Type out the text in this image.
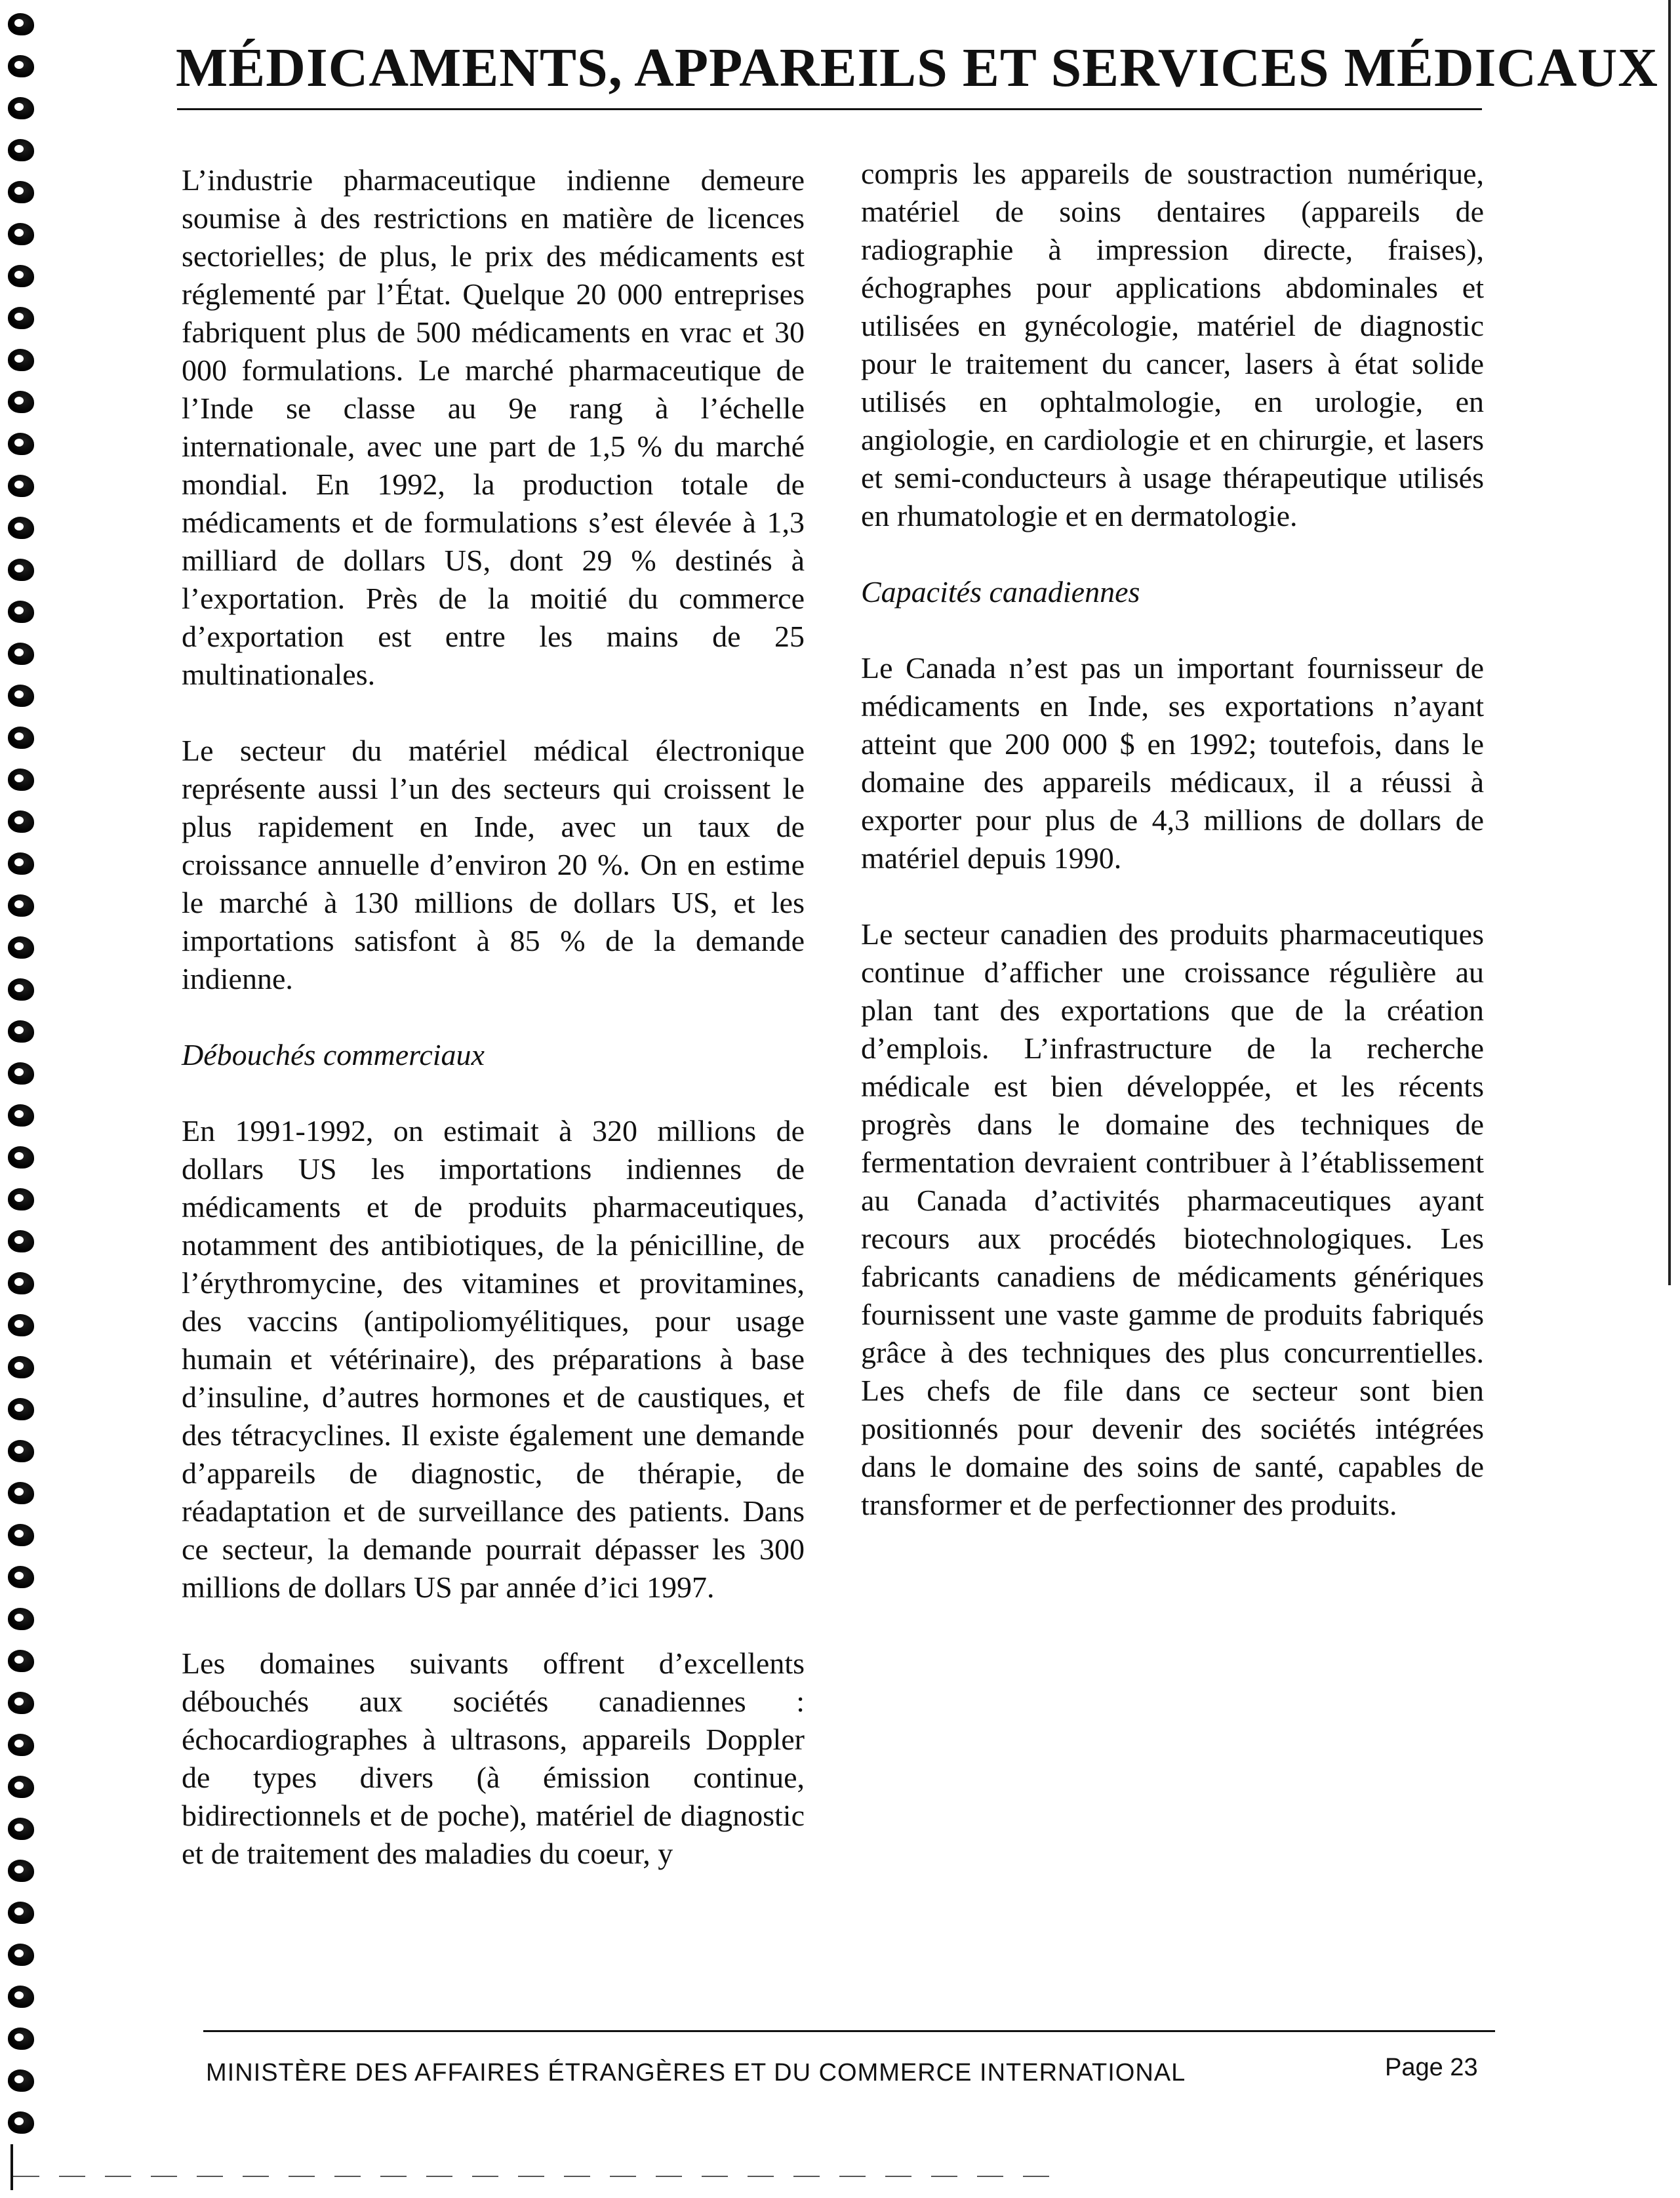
MÉDICAMENTS, APPAREILS ET SERVICES MÉDICAUX

L’industrie pharmaceutique indienne demeure soumise à des restrictions en matière de licences sectorielles; de plus, le prix des médicaments est réglementé par l’État. Quelque 20 000 entreprises fabriquent plus de 500 médicaments en vrac et 30 000 formulations. Le marché pharmaceutique de l’Inde se classe au 9e rang à l’échelle internationale, avec une part de 1,5 % du marché mondial. En 1992, la production totale de médicaments et de formulations s’est élevée à 1,3 milliard de dollars US, dont 29 % destinés à l’exportation. Près de la moitié du commerce d’exportation est entre les mains de 25 multinationales.

Le secteur du matériel médical électronique représente aussi l’un des secteurs qui croissent le plus rapidement en Inde, avec un taux de croissance annuelle d’environ 20 %. On en estime le marché à 130 millions de dollars US, et les importations satisfont à 85 % de la demande indienne.

Débouchés commerciaux

En 1991-1992, on estimait à 320 millions de dollars US les importations indiennes de médicaments et de produits pharmaceutiques, notamment des antibiotiques, de la pénicilline, de l’érythromycine, des vitamines et provitamines, des vaccins (antipoliomyélitiques, pour usage humain et vétérinaire), des préparations à base d’insuline, d’autres hormones et de caustiques, et des tétracyclines. Il existe également une demande d’appareils de diagnostic, de thérapie, de réadaptation et de surveillance des patients. Dans ce secteur, la demande pourrait dépasser les 300 millions de dollars US par année d’ici 1997.

Les domaines suivants offrent d’excellents débouchés aux sociétés canadiennes : échocardiographes à ultrasons, appareils Doppler de types divers (à émission continue, bidirectionnels et de poche), matériel de diagnostic et de traitement des maladies du coeur, y

compris les appareils de soustraction numérique, matériel de soins dentaires (appareils de radiographie à impression directe, fraises), échographes pour applications abdominales et utilisées en gynécologie, matériel de diagnostic pour le traitement du cancer, lasers à état solide utilisés en ophtalmologie, en urologie, en angiologie, en cardiologie et en chirurgie, et lasers et semi-conducteurs à usage thérapeutique utilisés en rhumatologie et en dermatologie.

Capacités canadiennes

Le Canada n’est pas un important fournisseur de médicaments en Inde, ses exportations n’ayant atteint que 200 000 $ en 1992; toutefois, dans le domaine des appareils médicaux, il a réussi à exporter pour plus de 4,3 millions de dollars de matériel depuis 1990.

Le secteur canadien des produits pharmaceutiques continue d’afficher une croissance régulière au plan tant des exportations que de la création d’emplois. L’infrastructure de la recherche médicale est bien développée, et les récents progrès dans le domaine des techniques de fermentation devraient contribuer à l’établissement au Canada d’activités pharmaceutiques ayant recours aux procédés biotechnologiques. Les fabricants canadiens de médicaments génériques fournissent une vaste gamme de produits fabriqués grâce à des techniques des plus concurrentielles. Les chefs de file dans ce secteur sont bien positionnés pour devenir des sociétés intégrées dans le domaine des soins de santé, capables de transformer et de perfectionner des produits.

MINISTÈRE DES AFFAIRES ÉTRANGÈRES ET DU COMMERCE INTERNATIONAL	Page 23
